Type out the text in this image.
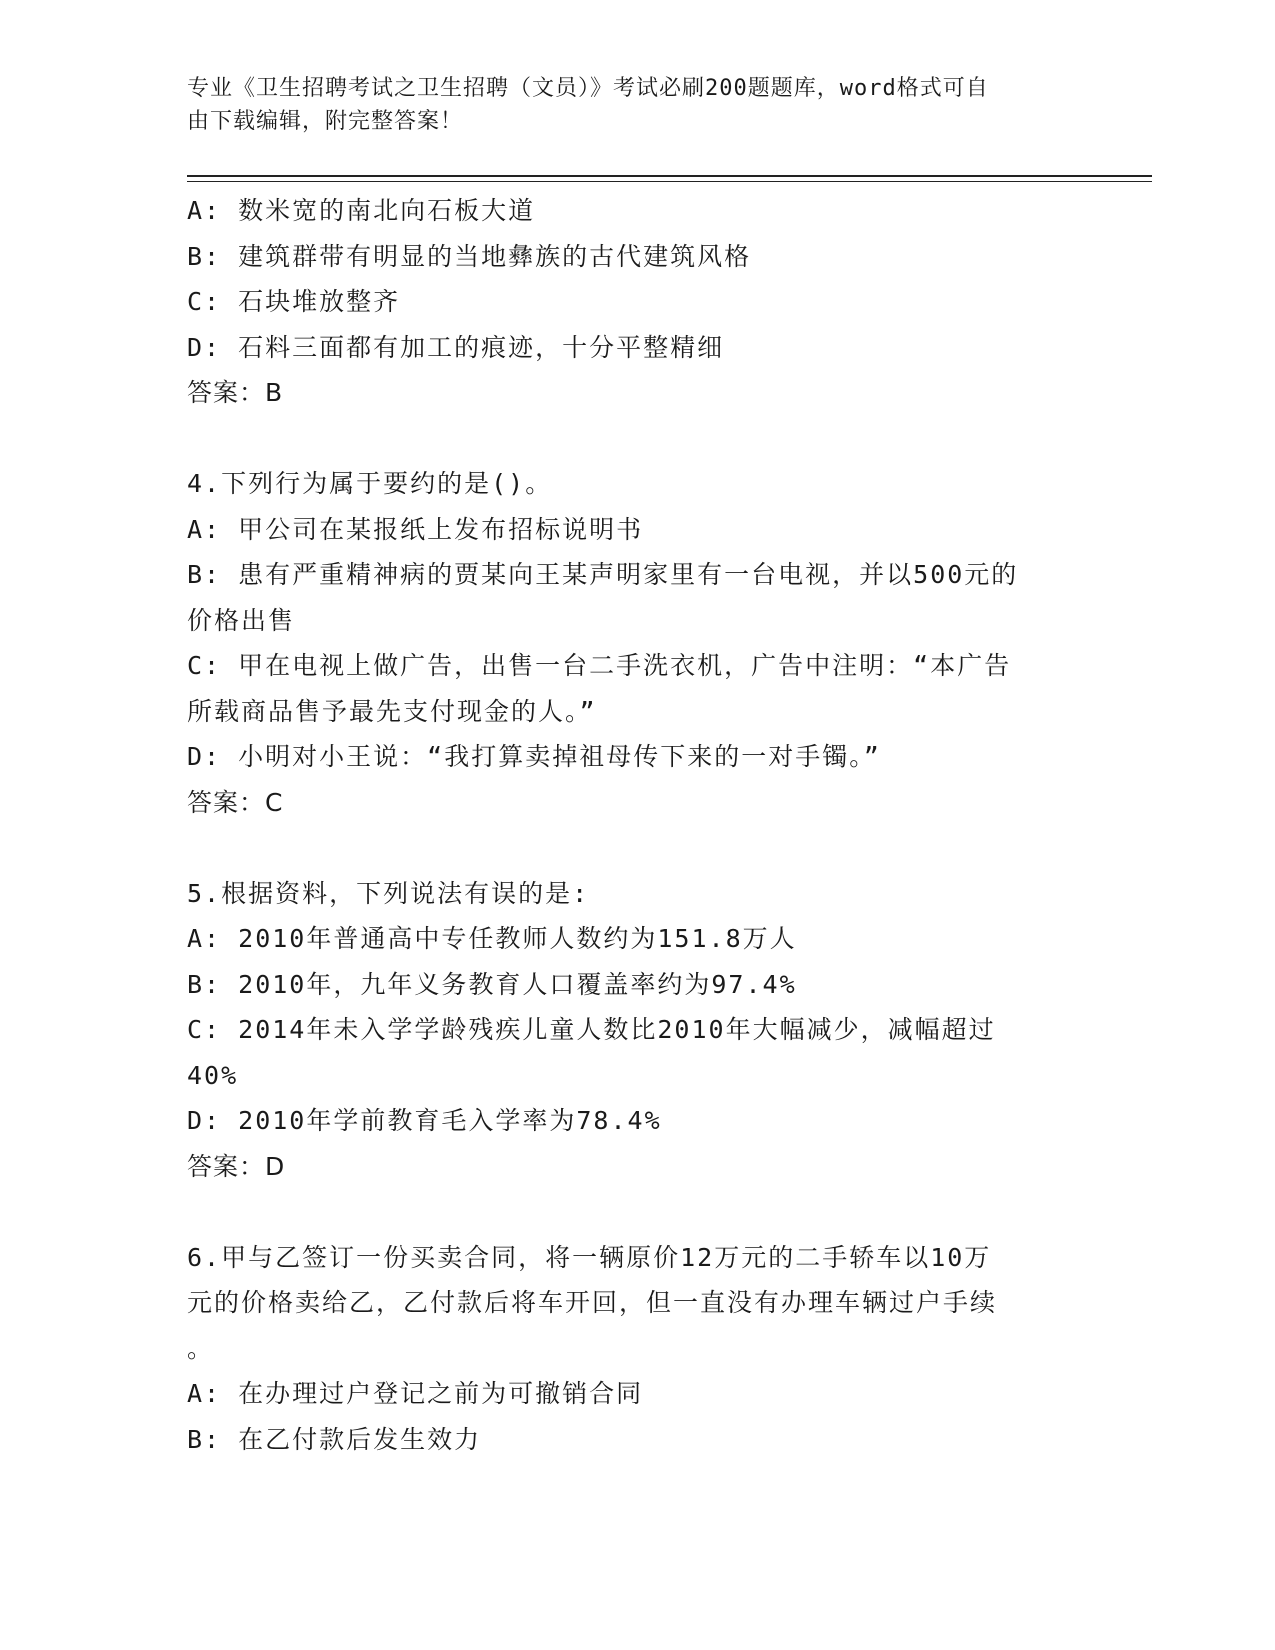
专业《卫生招聘考试之卫生招聘（文员）》考试必刷200题题库，word格式可自
由下载编辑，附完整答案！
A: 数米宽的南北向石板大道
B: 建筑群带有明显的当地彝族的古代建筑风格
C: 石块堆放整齐
D: 石料三面都有加工的痕迹，十分平整精细
答案：B
4.下列行为属于要约的是()。
A: 甲公司在某报纸上发布招标说明书
B: 患有严重精神病的贾某向王某声明家里有一台电视，并以500元的
价格出售
C: 甲在电视上做广告，出售一台二手洗衣机，广告中注明：“本广告
所载商品售予最先支付现金的人。”
D: 小明对小王说：“我打算卖掉祖母传下来的一对手镯。”
答案：C
5.根据资料，下列说法有误的是:
A: 2010年普通高中专任教师人数约为151.8万人
B: 2010年，九年义务教育人口覆盖率约为97.4%
C: 2014年未入学学龄残疾儿童人数比2010年大幅减少，减幅超过
40%
D: 2010年学前教育毛入学率为78.4%
答案：D
6.甲与乙签订一份买卖合同，将一辆原价12万元的二手轿车以10万
元的价格卖给乙，乙付款后将车开回，但一直没有办理车辆过户手续
。
A: 在办理过户登记之前为可撤销合同
B: 在乙付款后发生效力
